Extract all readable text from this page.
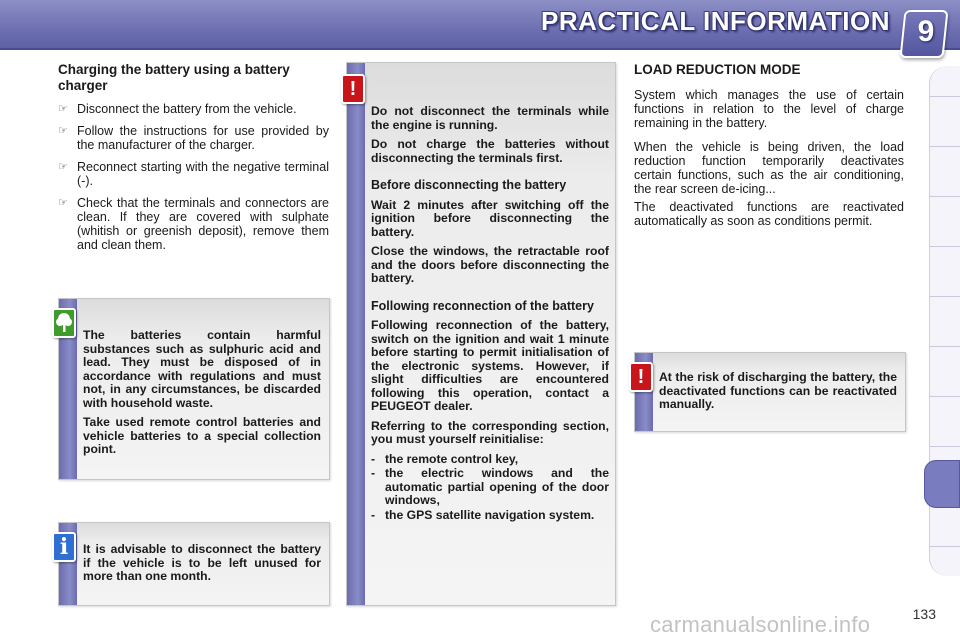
PRACTICAL INFORMATION 9
Charging the battery using a battery charger
☞ Disconnect the battery from the vehicle.
☞ Follow the instructions for use provided by the manufacturer of the charger.
☞ Reconnect starting with the negative terminal (-).
☞ Check that the terminals and connectors are clean. If they are covered with sulphate (whitish or greenish deposit), remove them and clean them.

The batteries contain harmful substances such as sulphuric acid and lead. They must be disposed of in accordance with regulations and must not, in any circumstances, be discarded with household waste.

Take used remote control batteries and vehicle batteries to a special collection point.

It is advisable to disconnect the battery if the vehicle is to be left unused for more than one month.
i

Do not disconnect the terminals while the engine is running.

Do not charge the batteries without disconnecting the terminals first.

Before disconnecting the battery

Wait 2 minutes after switching off the ignition before disconnecting the battery.

Close the windows, the retractable roof and the doors before disconnecting the battery.

Following reconnection of the battery

Following reconnection of the battery, switch on the ignition and wait 1 minute before starting to permit initialisation of the electronic systems. However, if slight difficulties are encountered following this operation, contact a PEUGEOT dealer.

Referring to the corresponding section, you must yourself reinitialise:

- the remote control key,
- the electric windows and the automatic partial opening of the door windows,
- the GPS satellite navigation system.
!
LOAD REDUCTION MODE

System which manages the use of certain functions in relation to the level of charge remaining in the battery.

When the vehicle is being driven, the load reduction function temporarily deactivates certain functions, such as the air conditioning, the rear screen de-icing...

The deactivated functions are reactivated automatically as soon as conditions permit.

At the risk of discharging the battery, the deactivated functions can be reactivated manually.
!
133
carmanualsonline.info
